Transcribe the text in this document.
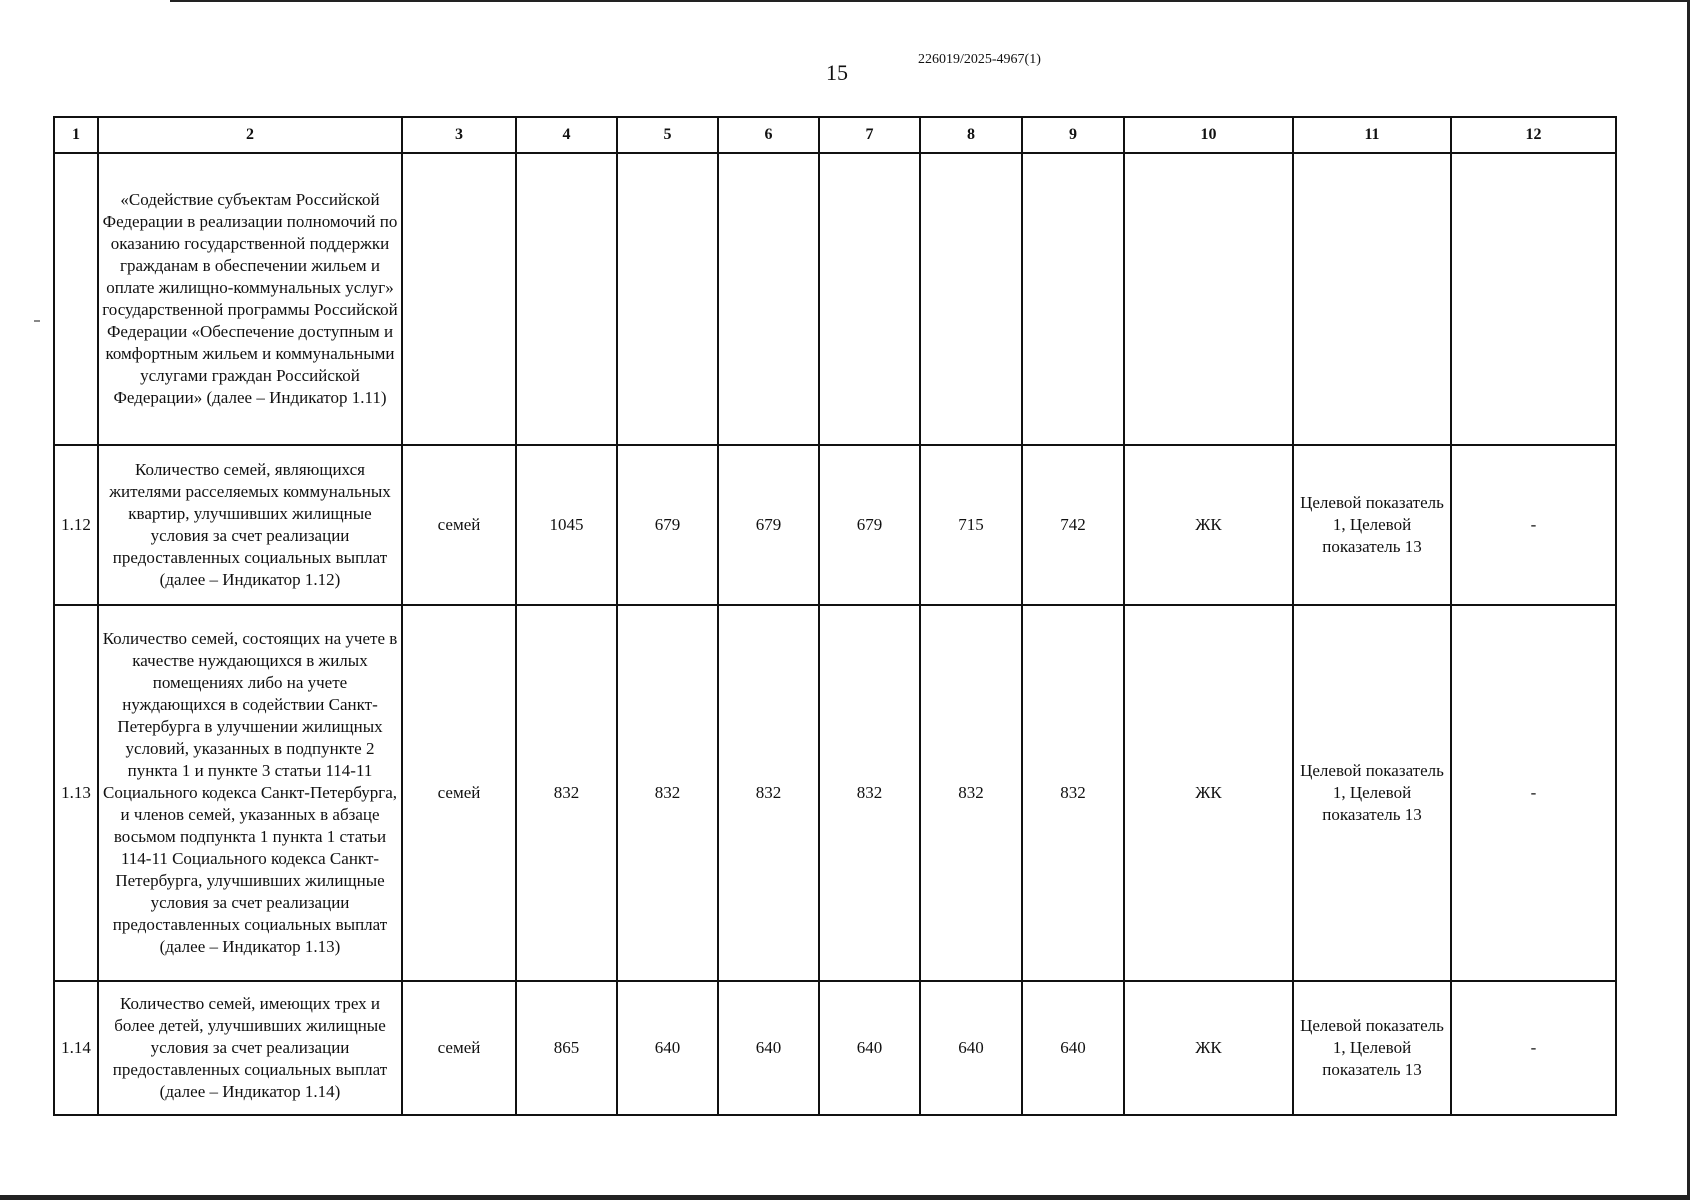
15
226019/2025-4967(1)
1	2	3	4	5	6	7	8	9	10	11	12
	«Содействие субъектам Российской Федерации в реализации полномочий по оказанию государственной поддержки гражданам в обеспечении жильем и оплате жилищно-коммунальных услуг» государственной программы Российской Федерации «Обеспечение доступным и комфортным жильем и коммунальными услугами граждан Российской Федерации» (далее – Индикатор 1.11)										
1.12	Количество семей, являющихся жителями расселяемых коммунальных квартир, улучшивших жилищные условия за счет реализации предоставленных социальных выплат (далее – Индикатор 1.12)	семей	1045	679	679	679	715	742	ЖК	Целевой показатель 1, Целевой показатель 13	-
1.13	Количество семей, состоящих на учете в качестве нуждающихся в жилых помещениях либо на учете нуждающихся в содействии Санкт-Петербурга в улучшении жилищных условий, указанных в подпункте 2 пункта 1 и пункте 3 статьи 114-11 Социального кодекса Санкт-Петербурга, и членов семей, указанных в абзаце восьмом подпункта 1 пункта 1 статьи 114-11 Социального кодекса Санкт-Петербурга, улучшивших жилищные условия за счет реализации предоставленных социальных выплат (далее – Индикатор 1.13)	семей	832	832	832	832	832	832	ЖК	Целевой показатель 1, Целевой показатель 13	-
1.14	Количество семей, имеющих трех и более детей, улучшивших жилищные условия за счет реализации предоставленных социальных выплат (далее – Индикатор 1.14)	семей	865	640	640	640	640	640	ЖК	Целевой показатель 1, Целевой показатель 13	-
